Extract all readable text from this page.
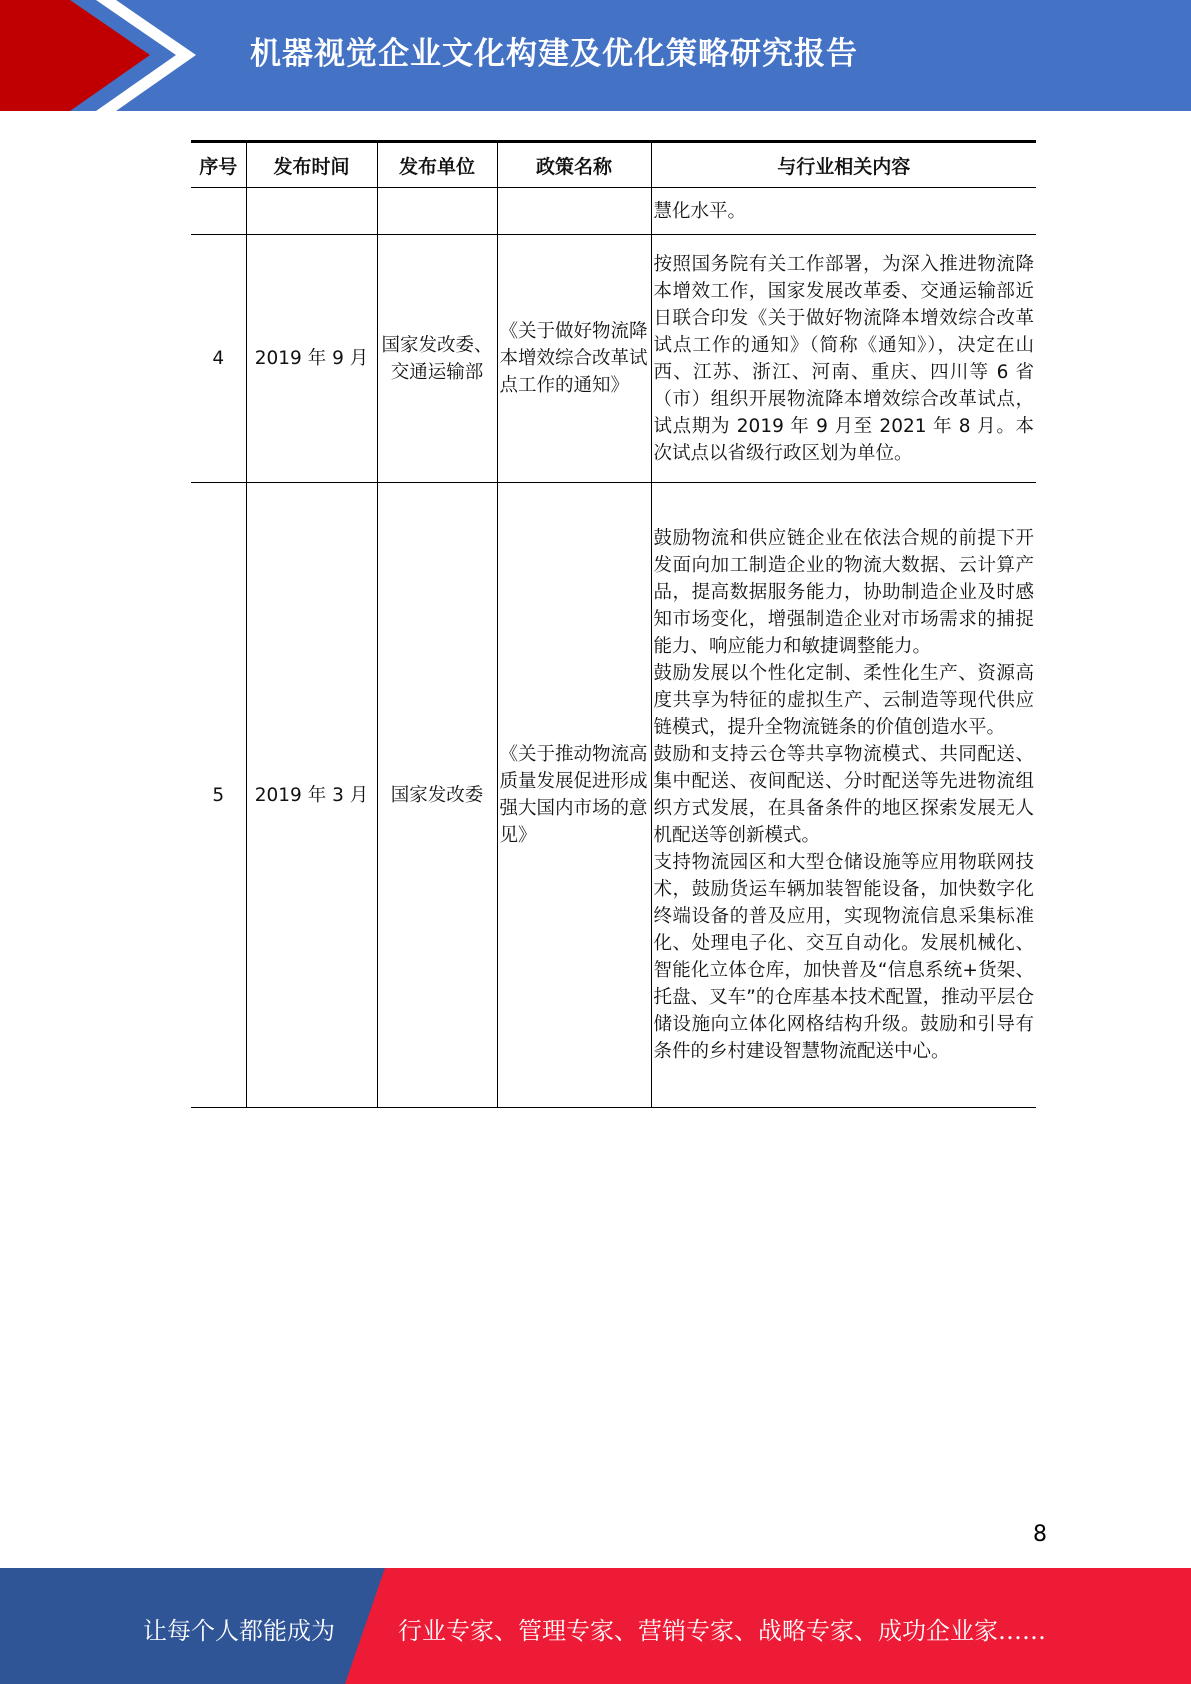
机器视觉企业文化构建及优化策略研究报告
序号	发布时间	发布单位	政策名称	与行业相关内容

				慧化水平。

4	2019 年 9 月	国家发改委、交通运输部	《关于做好物流降本增效综合改革试点工作的通知》	按照国务院有关工作部署，为深入推进物流降本增效工作，国家发展改革委、交通运输部近日联合印发《关于做好物流降本增效综合改革试点工作的通知》（简称《通知》），决定在山西、江苏、浙江、河南、重庆、四川等 6 省（市）组织开展物流降本增效综合改革试点，试点期为 2019 年 9 月至 2021 年 8 月。本次试点以省级行政区划为单位。

5	2019 年 3 月	国家发改委	《关于推动物流高质量发展促进形成强大国内市场的意见》	鼓励物流和供应链企业在依法合规的前提下开发面向加工制造企业的物流大数据、云计算产品，提高数据服务能力，协助制造企业及时感知市场变化，增强制造企业对市场需求的捕捉能力、响应能力和敏捷调整能力。

鼓励发展以个性化定制、柔性化生产、资源高度共享为特征的虚拟生产、云制造等现代供应链模式，提升全物流链条的价值创造水平。

鼓励和支持云仓等共享物流模式、共同配送、集中配送、夜间配送、分时配送等先进物流组织方式发展，在具备条件的地区探索发展无人机配送等创新模式。

支持物流园区和大型仓储设施等应用物联网技术，鼓励货运车辆加装智能设备，加快数字化终端设备的普及应用，实现物流信息采集标准化、处理电子化、交互自动化。发展机械化、智能化立体仓库，加快普及“信息系统+货架、托盘、叉车”的仓库基本技术配置，推动平层仓储设施向立体化网格结构升级。鼓励和引导有条件的乡村建设智慧物流配送中心。

8
让每个人都能成为	行业专家、管理专家、营销专家、战略专家、成功企业家……
